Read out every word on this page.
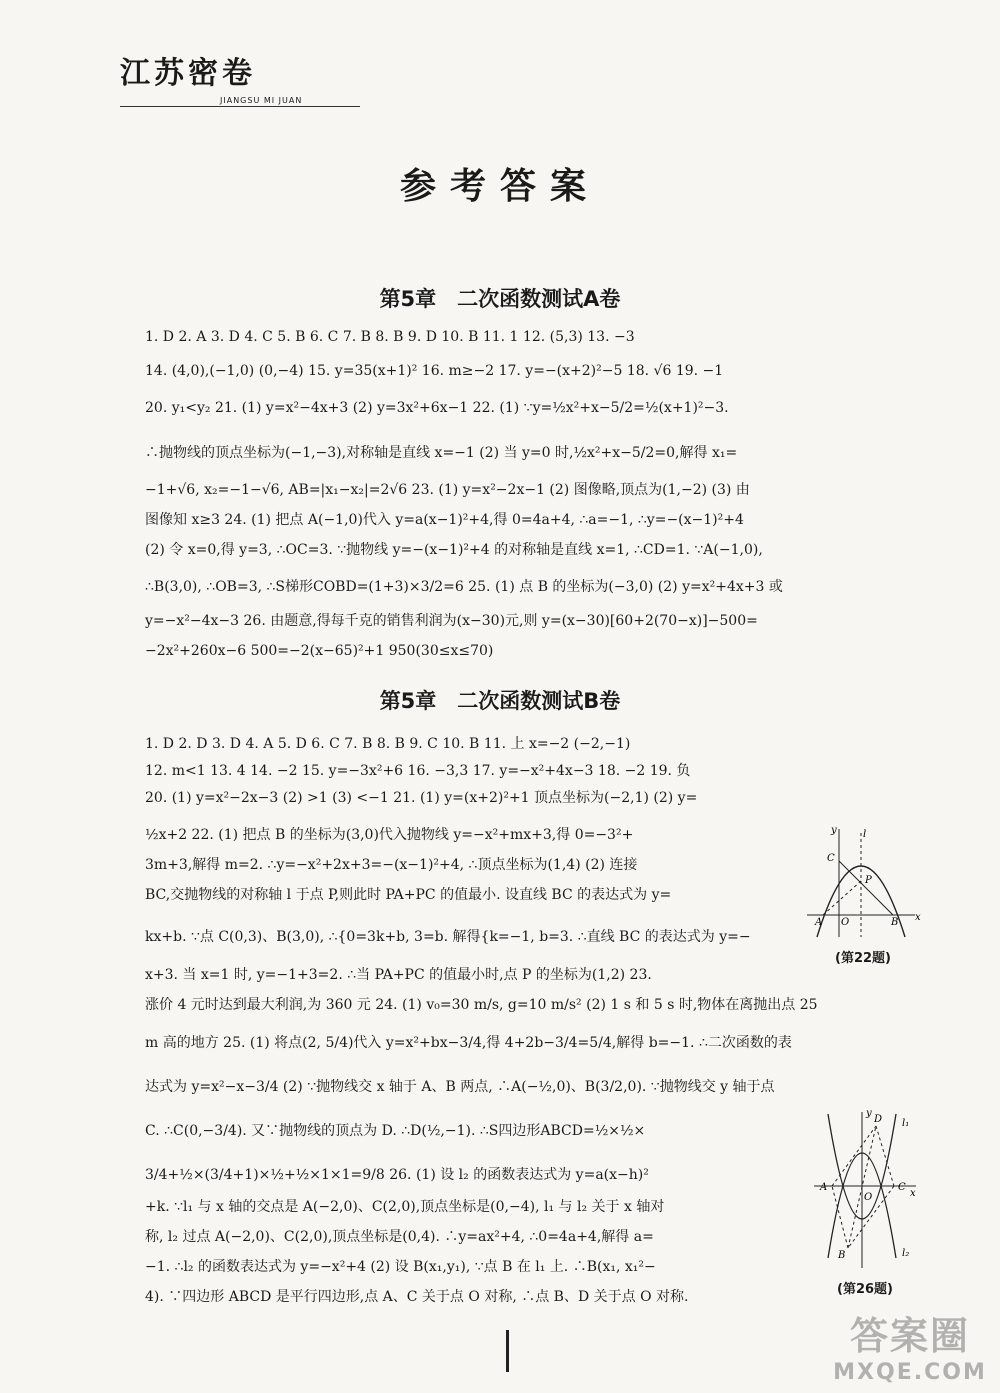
江苏密卷
JIANGSU MI JUAN
参考答案
第5章　二次函数测试A卷
1. D 2. A 3. D 4. C 5. B 6. C 7. B 8. B 9. D 10. B 11. 1 12. (5,3) 13. −3
14. (4,0),(−1,0) (0,−4) 15. y=35(x+1)² 16. m≥−2 17. y=−(x+2)²−5 18. √6 19. −1
20. y₁<y₂ 21. (1) y=x²−4x+3 (2) y=3x²+6x−1 22. (1) ∵y=½x²+x−5/2=½(x+1)²−3.
∴抛物线的顶点坐标为(−1,−3),对称轴是直线 x=−1 (2) 当 y=0 时,½x²+x−5/2=0,解得 x₁=
−1+√6, x₂=−1−√6, AB=|x₁−x₂|=2√6 23. (1) y=x²−2x−1 (2) 图像略,顶点为(1,−2) (3) 由
图像知 x≥3 24. (1) 把点 A(−1,0)代入 y=a(x−1)²+4,得 0=4a+4, ∴a=−1, ∴y=−(x−1)²+4
(2) 令 x=0,得 y=3, ∴OC=3. ∵抛物线 y=−(x−1)²+4 的对称轴是直线 x=1, ∴CD=1. ∵A(−1,0),
∴B(3,0), ∴OB=3, ∴S梯形COBD=(1+3)×3/2=6 25. (1) 点 B 的坐标为(−3,0) (2) y=x²+4x+3 或
y=−x²−4x−3 26. 由题意,得每千克的销售利润为(x−30)元,则 y=(x−30)[60+2(70−x)]−500=
−2x²+260x−6 500=−2(x−65)²+1 950(30≤x≤70)
第5章　二次函数测试B卷
1. D 2. D 3. D 4. A 5. D 6. C 7. B 8. B 9. C 10. B 11. 上 x=−2 (−2,−1)
12. m<1 13. 4 14. −2 15. y=−3x²+6 16. −3,3 17. y=−x²+4x−3 18. −2 19. 负
20. (1) y=x²−2x−3 (2) >1 (3) <−1 21. (1) y=(x+2)²+1 顶点坐标为(−2,1) (2) y=
½x+2 22. (1) 把点 B 的坐标为(3,0)代入抛物线 y=−x²+mx+3,得 0=−3²+
3m+3,解得 m=2. ∴y=−x²+2x+3=−(x−1)²+4, ∴顶点坐标为(1,4) (2) 连接
BC,交抛物线的对称轴 l 于点 P,则此时 PA+PC 的值最小. 设直线 BC 的表达式为 y=
kx+b. ∵点 C(0,3)、B(3,0), ∴{0=3k+b, 3=b. 解得{k=−1, b=3. ∴直线 BC 的表达式为 y=−
x+3. 当 x=1 时, y=−1+3=2. ∴当 PA+PC 的值最小时,点 P 的坐标为(1,2) 23.
涨价 4 元时达到最大利润,为 360 元 24. (1) v₀=30 m/s, g=10 m/s² (2) 1 s 和 5 s 时,物体在离抛出点 25
m 高的地方 25. (1) 将点(2, 5/4)代入 y=x²+bx−3/4,得 4+2b−3/4=5/4,解得 b=−1. ∴二次函数的表
达式为 y=x²−x−3/4 (2) ∵抛物线交 x 轴于 A、B 两点, ∴A(−½,0)、B(3/2,0). ∵抛物线交 y 轴于点
C. ∴C(0,−3/4). 又∵抛物线的顶点为 D. ∴D(½,−1). ∴S四边形ABCD=½×½×
3/4+½×(3/4+1)×½+½×1×1=9/8 26. (1) 设 l₂ 的函数表达式为 y=a(x−h)²
+k. ∵l₁ 与 x 轴的交点是 A(−2,0)、C(2,0),顶点坐标是(0,−4), l₁ 与 l₂ 关于 x 轴对
称, l₂ 过点 A(−2,0)、C(2,0),顶点坐标是(0,4). ∴y=ax²+4, ∴0=4a+4,解得 a=
−1. ∴l₂ 的函数表达式为 y=−x²+4 (2) 设 B(x₁,y₁), ∵点 B 在 l₁ 上. ∴B(x₁, x₁²−
4). ∵四边形 ABCD 是平行四边形,点 A、C 关于点 O 对称, ∴点 B、D 关于点 O 对称.
y
x
l
C
P
A O	B
(第22题)
y
x
D l₁
A	C
O
B	l₂
(第26题)
答案圈
MXQE.COM
